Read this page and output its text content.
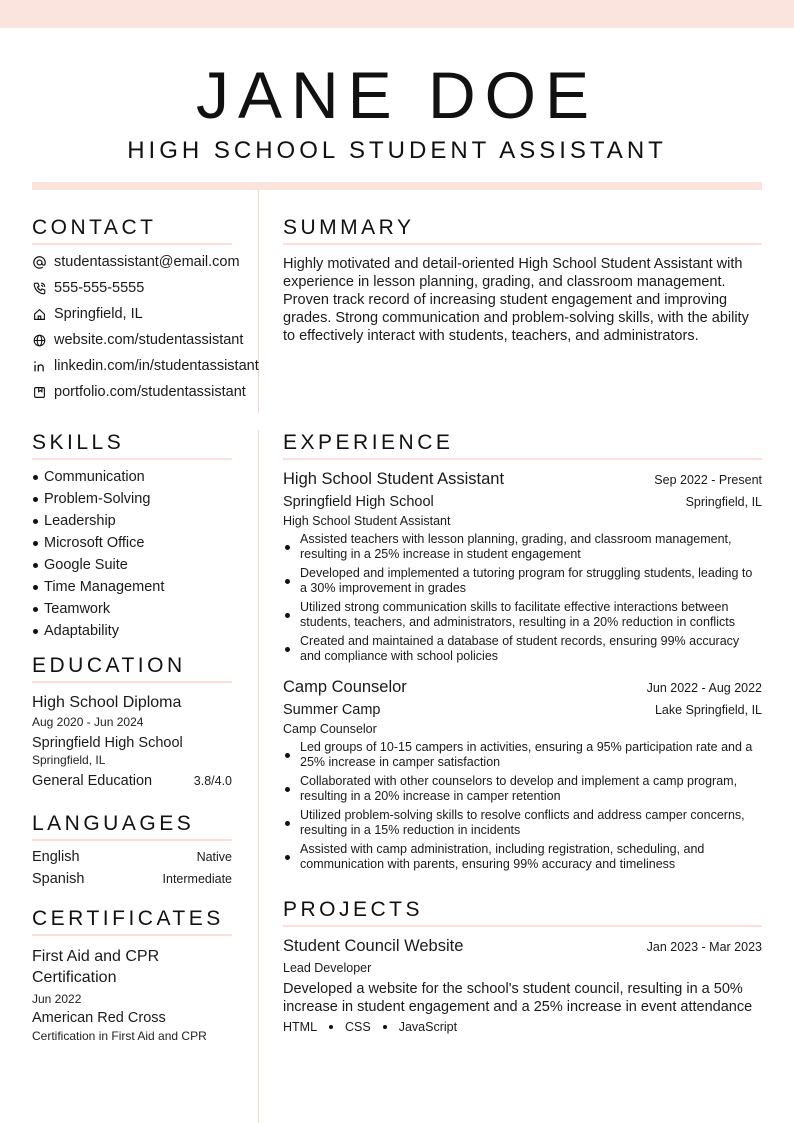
JANE DOE
HIGH SCHOOL STUDENT ASSISTANT
CONTACT
studentassistant@email.com
555-555-5555
Springfield, IL
website.com/studentassistant
linkedin.com/in/studentassistant
portfolio.com/studentassistant
SUMMARY
Highly motivated and detail-oriented High School Student Assistant with experience in lesson planning, grading, and classroom management. Proven track record of increasing student engagement and improving grades. Strong communication and problem-solving skills, with the ability to effectively interact with students, teachers, and administrators.
SKILLS
Communication
Problem-Solving
Leadership
Microsoft Office
Google Suite
Time Management
Teamwork
Adaptability
EDUCATION
High School Diploma
Aug 2020 - Jun 2024
Springfield High School
Springfield, IL
General Education	3.8/4.0
LANGUAGES
English	Native
Spanish	Intermediate
CERTIFICATES
First Aid and CPR Certification
Jun 2022
American Red Cross
Certification in First Aid and CPR
EXPERIENCE
High School Student Assistant	Sep 2022 - Present
Springfield High School	Springfield, IL
High School Student Assistant
Assisted teachers with lesson planning, grading, and classroom management, resulting in a 25% increase in student engagement
Developed and implemented a tutoring program for struggling students, leading to a 30% improvement in grades
Utilized strong communication skills to facilitate effective interactions between students, teachers, and administrators, resulting in a 20% reduction in conflicts
Created and maintained a database of student records, ensuring 99% accuracy and compliance with school policies
Camp Counselor	Jun 2022 - Aug 2022
Summer Camp	Lake Springfield, IL
Camp Counselor
Led groups of 10-15 campers in activities, ensuring a 95% participation rate and a 25% increase in camper satisfaction
Collaborated with other counselors to develop and implement a camp program, resulting in a 20% increase in camper retention
Utilized problem-solving skills to resolve conflicts and address camper concerns, resulting in a 15% reduction in incidents
Assisted with camp administration, including registration, scheduling, and communication with parents, ensuring 99% accuracy and timeliness
PROJECTS
Student Council Website	Jan 2023 - Mar 2023
Lead Developer
Developed a website for the school's student council, resulting in a 50% increase in student engagement and a 25% increase in event attendance
HTML CSS JavaScript
